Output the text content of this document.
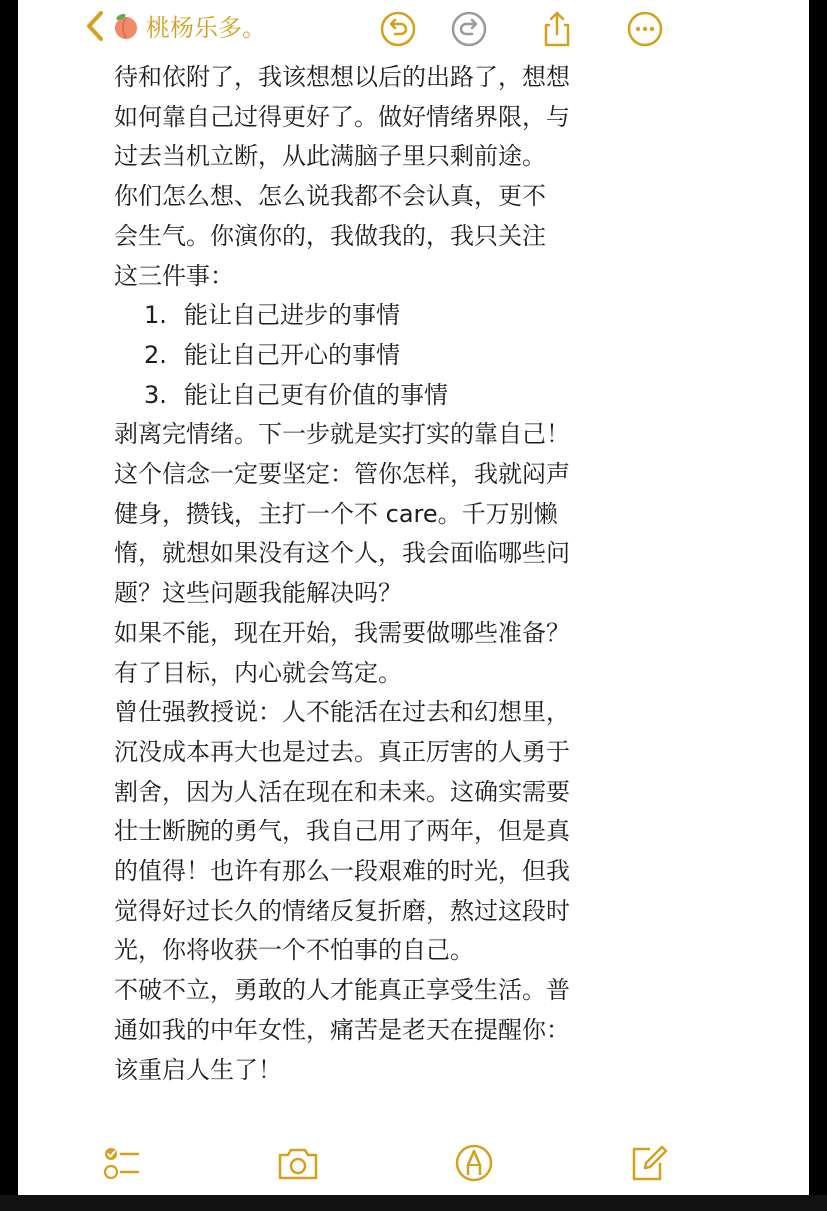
桃杨乐多。
待和依附了，我该想想以后的出路了，想想
如何靠自己过得更好了。做好情绪界限，与
过去当机立断，从此满脑子里只剩前途。
你们怎么想、怎么说我都不会认真，更不
会生气。你演你的，我做我的，我只关注
这三件事：
1. 能让自己进步的事情
2. 能让自己开心的事情
3. 能让自己更有价值的事情
剥离完情绪。下一步就是实打实的靠自己！
这个信念一定要坚定：管你怎样，我就闷声
健身，攒钱，主打一个不 care。千万别懒
惰，就想如果没有这个人，我会面临哪些问
题？这些问题我能解决吗？
如果不能，现在开始，我需要做哪些准备？
有了目标，内心就会笃定。
曾仕强教授说：人不能活在过去和幻想里，
沉没成本再大也是过去。真正厉害的人勇于
割舍，因为人活在现在和未来。这确实需要
壮士断腕的勇气，我自己用了两年，但是真
的值得！也许有那么一段艰难的时光，但我
觉得好过长久的情绪反复折磨，熬过这段时
光，你将收获一个不怕事的自己。
不破不立，勇敢的人才能真正享受生活。普
通如我的中年女性，痛苦是老天在提醒你：
该重启人生了！
